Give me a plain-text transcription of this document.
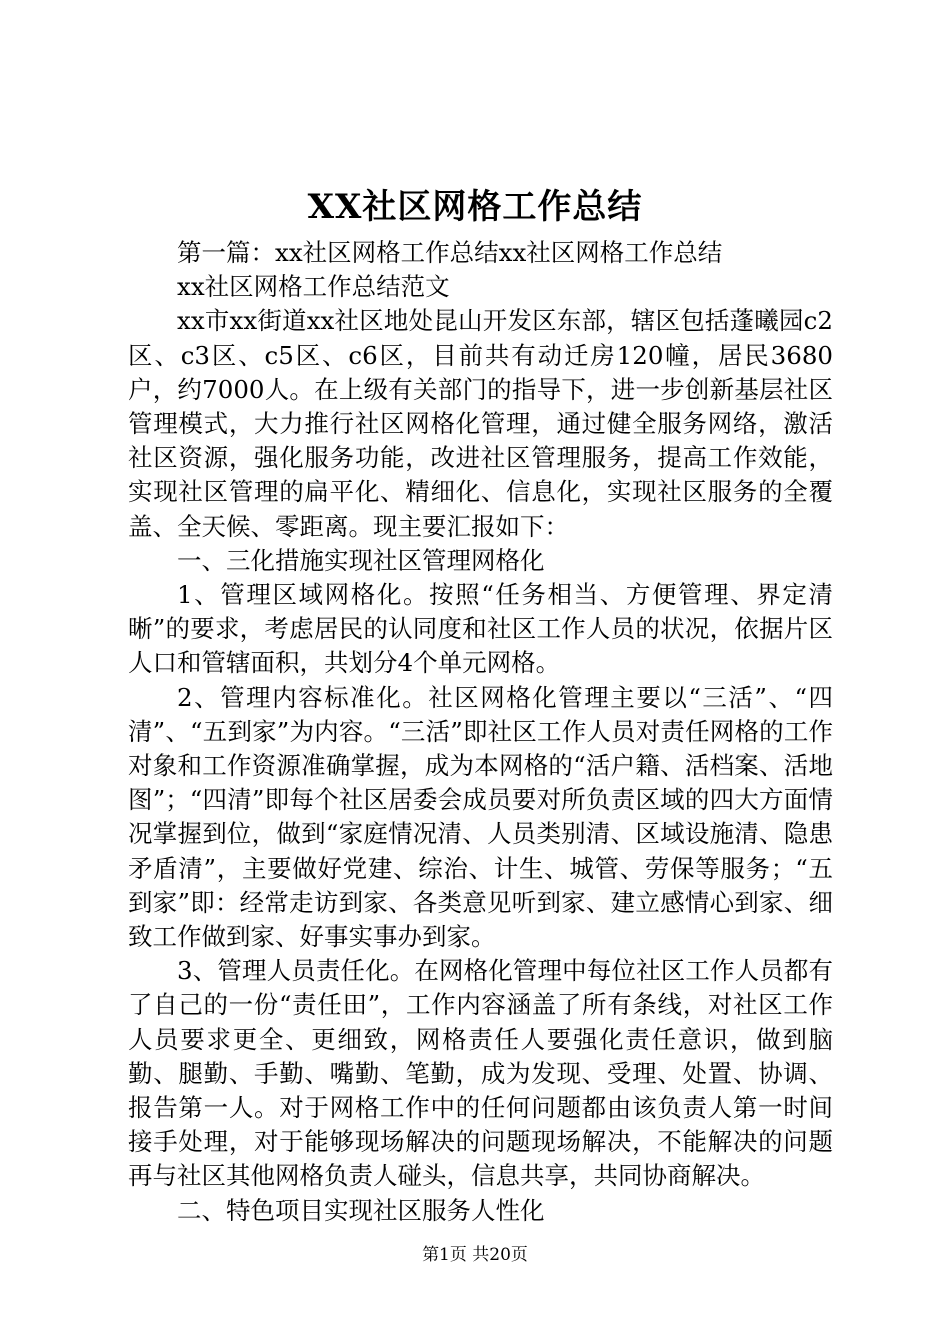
XX社区网格工作总结

第一篇：xx社区网格工作总结xx社区网格工作总结

xx社区网格工作总结范文

xx市xx街道xx社区地处昆山开发区东部，辖区包括蓬曦园c2区、c3区、c5区、c6区，目前共有动迁房120幢，居民3680户，约7000人。在上级有关部门的指导下，进一步创新基层社区管理模式，大力推行社区网格化管理，通过健全服务网络，激活社区资源，强化服务功能，改进社区管理服务，提高工作效能，实现社区管理的扁平化、精细化、信息化，实现社区服务的全覆盖、全天候、零距离。现主要汇报如下：

一、三化措施实现社区管理网格化

1、管理区域网格化。按照“任务相当、方便管理、界定清晰”的要求，考虑居民的认同度和社区工作人员的状况，依据片区人口和管辖面积，共划分4个单元网格。

2、管理内容标准化。社区网格化管理主要以“三活”、“四清”、“五到家”为内容。“三活”即社区工作人员对责任网格的工作对象和工作资源准确掌握，成为本网格的“活户籍、活档案、活地图”；“四清”即每个社区居委会成员要对所负责区域的四大方面情况掌握到位，做到“家庭情况清、人员类别清、区域设施清、隐患矛盾清”，主要做好党建、综治、计生、城管、劳保等服务；“五到家”即：经常走访到家、各类意见听到家、建立感情心到家、细致工作做到家、好事实事办到家。

3、管理人员责任化。在网格化管理中每位社区工作人员都有了自己的一份“责任田”，工作内容涵盖了所有条线，对社区工作人员要求更全、更细致，网格责任人要强化责任意识，做到脑勤、腿勤、手勤、嘴勤、笔勤，成为发现、受理、处置、协调、报告第一人。对于网格工作中的任何问题都由该负责人第一时间接手处理，对于能够现场解决的问题现场解决，不能解决的问题再与社区其他网格负责人碰头，信息共享，共同协商解决。

二、特色项目实现社区服务人性化

第1页 共20页
